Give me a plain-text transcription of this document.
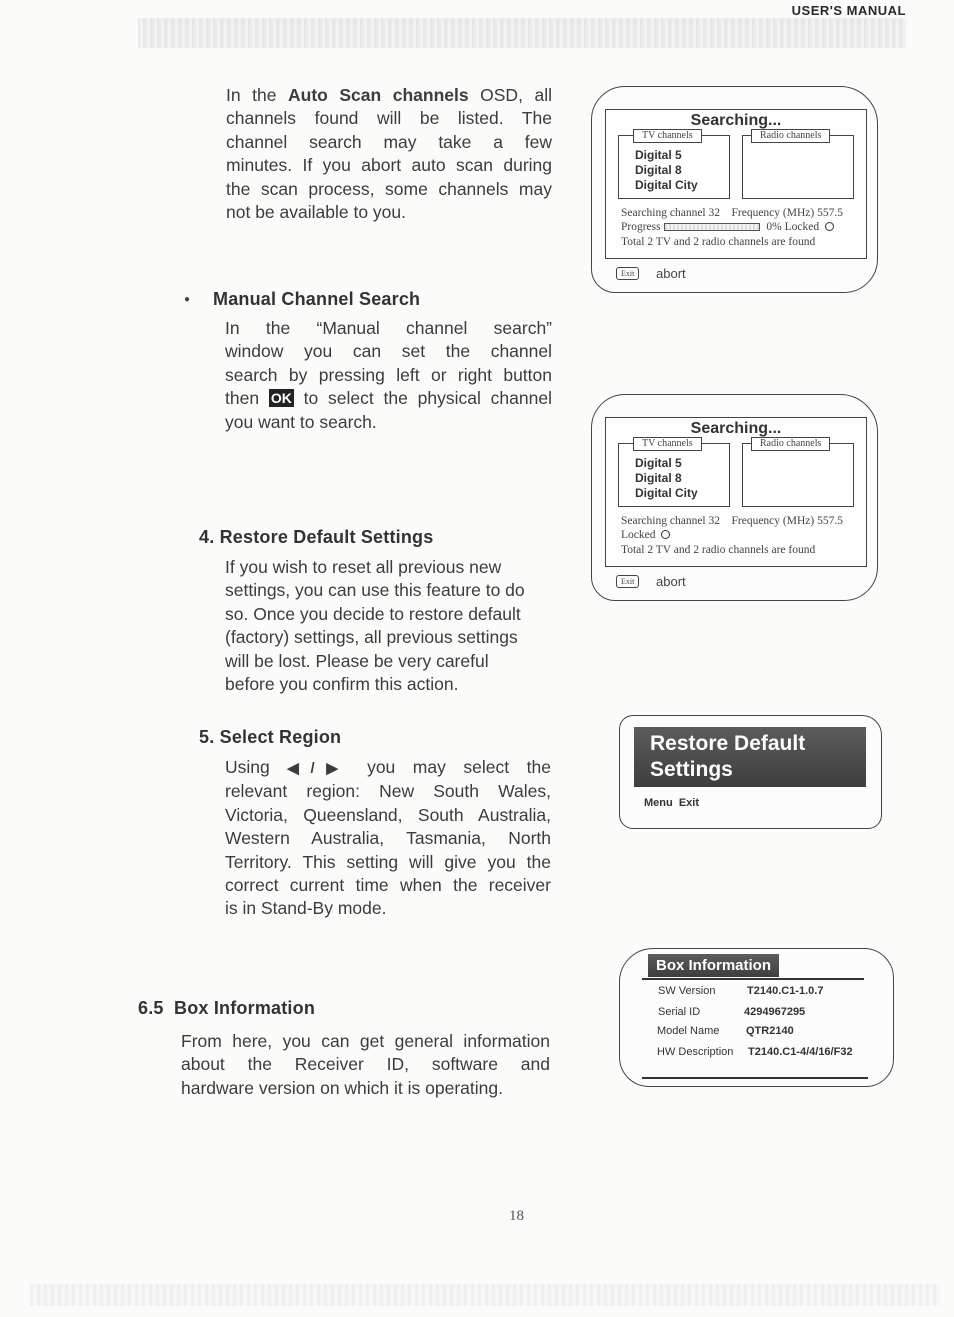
USER'S MANUAL
In the Auto Scan channels OSD, all
channels found will be listed. The
channel search may take a few
minutes. If you abort auto scan during
the scan process, some channels may
not be available to you.
● Manual Channel Search
In the “Manual channel search”
window you can set the channel
search by pressing left or right button
then OK to select the physical channel
you want to search.
4. Restore Default Settings
If you wish to reset all previous new
settings, you can use this feature to do
so. Once you decide to restore default
(factory) settings, all previous settings
will be lost. Please be very careful
before you confirm this action.
5. Select Region
Using ◀/▶ you may select the
relevant region: New South Wales,
Victoria, Queensland, South Australia,
Western Australia, Tasmania, North
Territory. This setting will give you the
correct current time when the receiver
is in Stand-By mode.
6.5  Box Information
From here, you can get general information
about the Receiver ID, software and
hardware version on which it is operating.
Searching...
TV channels
Digital 5
Digital 8
Digital City
Radio channels
Searching channel 32    Frequency (MHz) 557.5
Progress	0% Locked
Total 2 TV and 2 radio channels are found
Exit	abort
Searching...
TV channels
Digital 5
Digital 8
Digital City
Radio channels
Searching channel 32    Frequency (MHz) 557.5
Locked
Total 2 TV and 2 radio channels are found
Exit	abort
Restore Default
Settings
Menu  Exit
Box Information
SW Version	T2140.C1-1.0.7
Serial ID	4294967295
Model Name QTR2140
HW Description T2140.C1-4/4/16/F32
18
